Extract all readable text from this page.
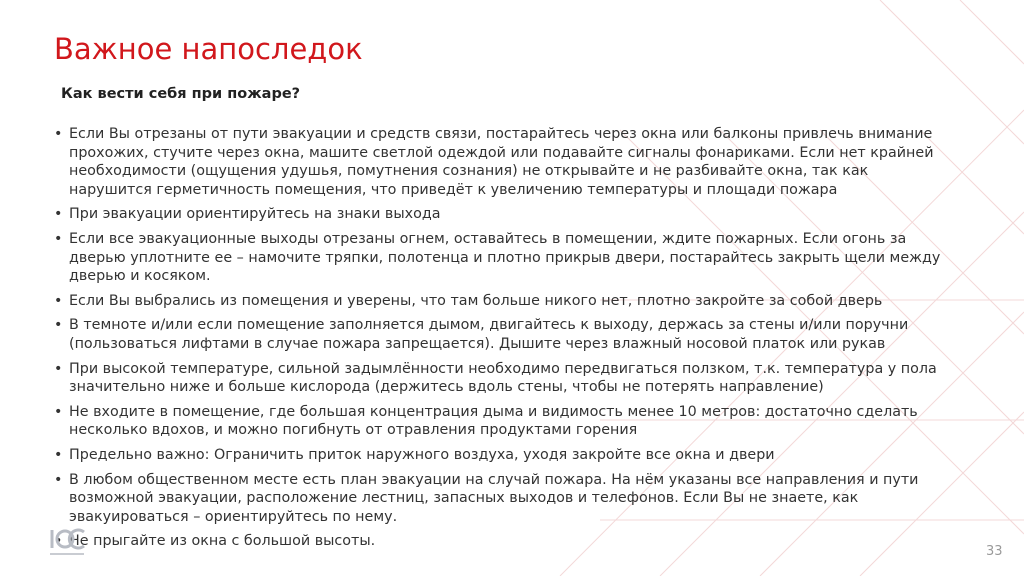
Важное напоследок
Как вести себя при пожаре?
• Если Вы отрезаны от пути эвакуации и средств связи, постарайтесь через окна или балконы привлечь внимание прохожих, стучите через окна, машите светлой одеждой или подавайте сигналы фонариками. Если нет крайней необходимости (ощущения удушья, помутнения сознания) не открывайте и не разбивайте окна, так как нарушится герметичность помещения, что приведёт к увеличению температуры и площади пожара
• При эвакуации ориентируйтесь на знаки выхода
• Если все эвакуационные выходы отрезаны огнем, оставайтесь в помещении, ждите пожарных. Если огонь за дверью уплотните ее – намочите тряпки, полотенца и плотно прикрыв двери, постарайтесь закрыть щели между дверью и косяком.
• Если Вы выбрались из помещения и уверены, что там больше никого нет, плотно закройте за собой дверь
• В темноте и/или если помещение заполняется дымом, двигайтесь к выходу, держась за стены и/или поручни (пользоваться лифтами в случае пожара запрещается). Дышите через влажный носовой платок или рукав
• При высокой температуре, сильной задымлённости необходимо передвигаться ползком, т.к. температура у пола значительно ниже и больше кислорода (держитесь вдоль стены, чтобы не потерять направление)
• Не входите в помещение, где большая концентрация дыма и видимость менее 10 метров: достаточно сделать несколько вдохов, и можно погибнуть от отравления продуктами горения
• Предельно важно: Ограничить приток наружного воздуха, уходя закройте все окна и двери
• В любом общественном месте есть план эвакуации на случай пожара. На нём указаны все направления и пути возможной эвакуации, расположение лестниц, запасных выходов и телефонов. Если Вы не знаете, как эвакуироваться – ориентируйтесь по нему.
• Не прыгайте из окна с большой высоты.
33
